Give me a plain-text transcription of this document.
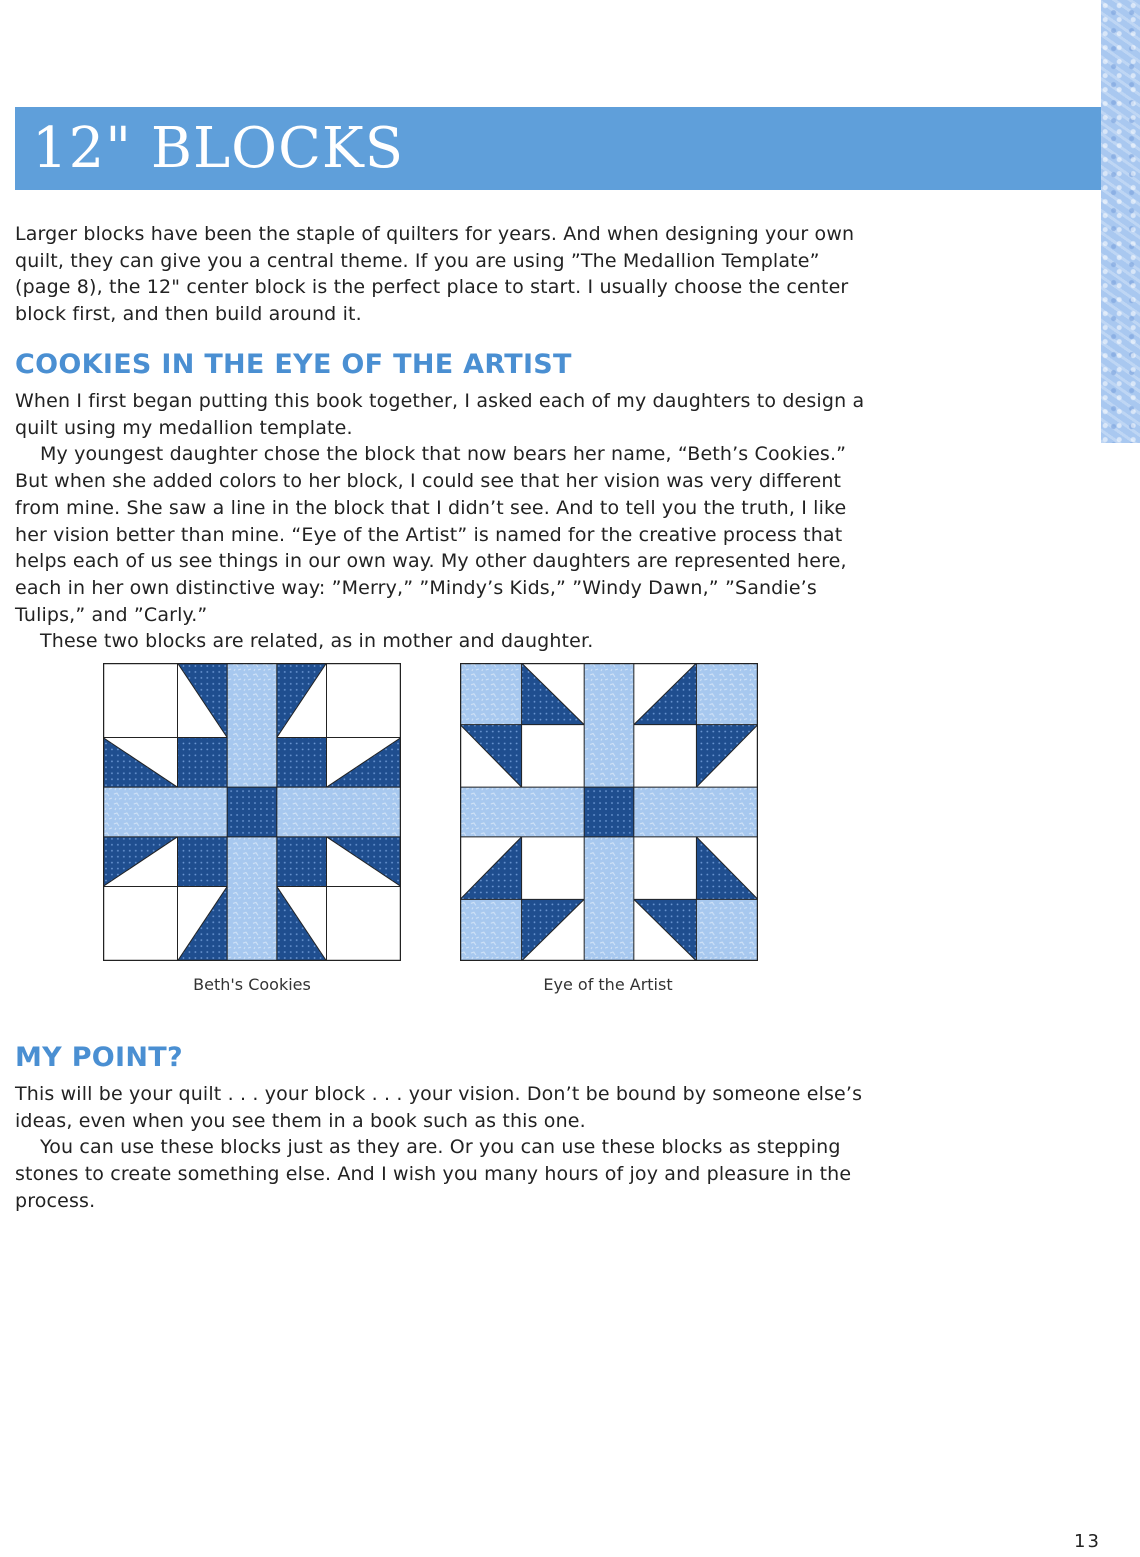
12" BLOCKS

Larger blocks have been the staple of quilters for years. And when designing your own quilt, they can give you a central theme. If you are using ”The Medallion Template” (page 8), the 12" center block is the perfect place to start. I usually choose the center block first, and then build around it.

COOKIES IN THE EYE OF THE ARTIST

When I first began putting this book together, I asked each of my daughters to design a quilt using my medallion template.

My youngest daughter chose the block that now bears her name, “Beth’s Cookies.” But when she added colors to her block, I could see that her vision was very different from mine. She saw a line in the block that I didn’t see. And to tell you the truth, I like her vision better than mine. “Eye of the Artist” is named for the creative process that helps each of us see things in our own way. My other daughters are represented here, each in her own distinctive way: ”Merry,” ”Mindy’s Kids,” ”Windy Dawn,” ”Sandie’s Tulips,” and ”Carly.”

These two blocks are related, as in mother and daughter.

Beth's Cookies	Eye of the Artist
MY POINT?

This will be your quilt . . . your block . . . your vision. Don’t be bound by someone else’s ideas, even when you see them in a book such as this one.

You can use these blocks just as they are. Or you can use these blocks as stepping stones to create something else. And I wish you many hours of joy and pleasure in the process.

13
